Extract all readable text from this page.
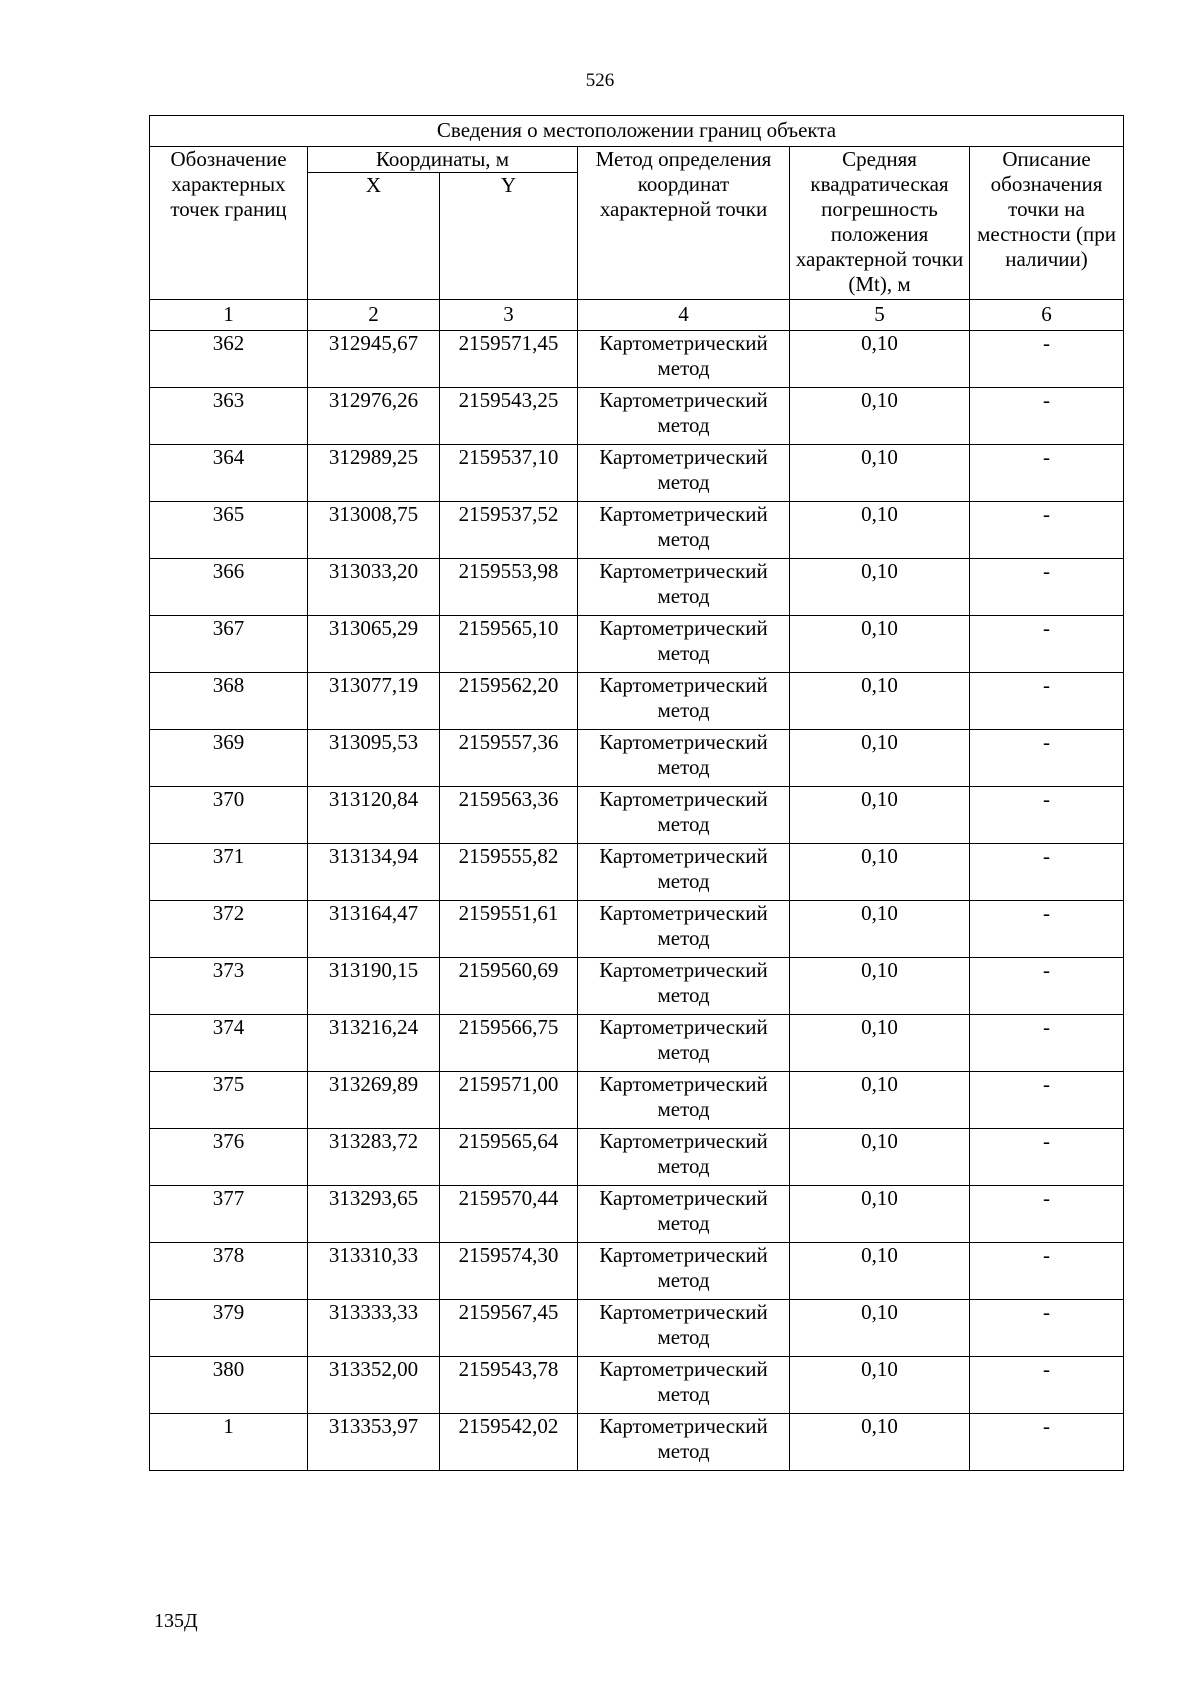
526
Сведения о местоположении границ объекта					
Обозначение характерных точек границ	Координаты, м		Метод определения координат характерной точки	Средняя квадратическая погрешность положения характерной точки (Mt), м	Описание обозначения точки на местности (при наличии)
	X	Y			
1	2	3	4	5	6
362	312945,67	2159571,45	Картометрический метод	0,10	-
363	312976,26	2159543,25	Картометрический метод	0,10	-
364	312989,25	2159537,10	Картометрический метод	0,10	-
365	313008,75	2159537,52	Картометрический метод	0,10	-
366	313033,20	2159553,98	Картометрический метод	0,10	-
367	313065,29	2159565,10	Картометрический метод	0,10	-
368	313077,19	2159562,20	Картометрический метод	0,10	-
369	313095,53	2159557,36	Картометрический метод	0,10	-
370	313120,84	2159563,36	Картометрический метод	0,10	-
371	313134,94	2159555,82	Картометрический метод	0,10	-
372	313164,47	2159551,61	Картометрический метод	0,10	-
373	313190,15	2159560,69	Картометрический метод	0,10	-
374	313216,24	2159566,75	Картометрический метод	0,10	-
375	313269,89	2159571,00	Картометрический метод	0,10	-
376	313283,72	2159565,64	Картометрический метод	0,10	-
377	313293,65	2159570,44	Картометрический метод	0,10	-
378	313310,33	2159574,30	Картометрический метод	0,10	-
379	313333,33	2159567,45	Картометрический метод	0,10	-
380	313352,00	2159543,78	Картометрический метод	0,10	-
1	313353,97	2159542,02	Картометрический метод	0,10	-
135Д
